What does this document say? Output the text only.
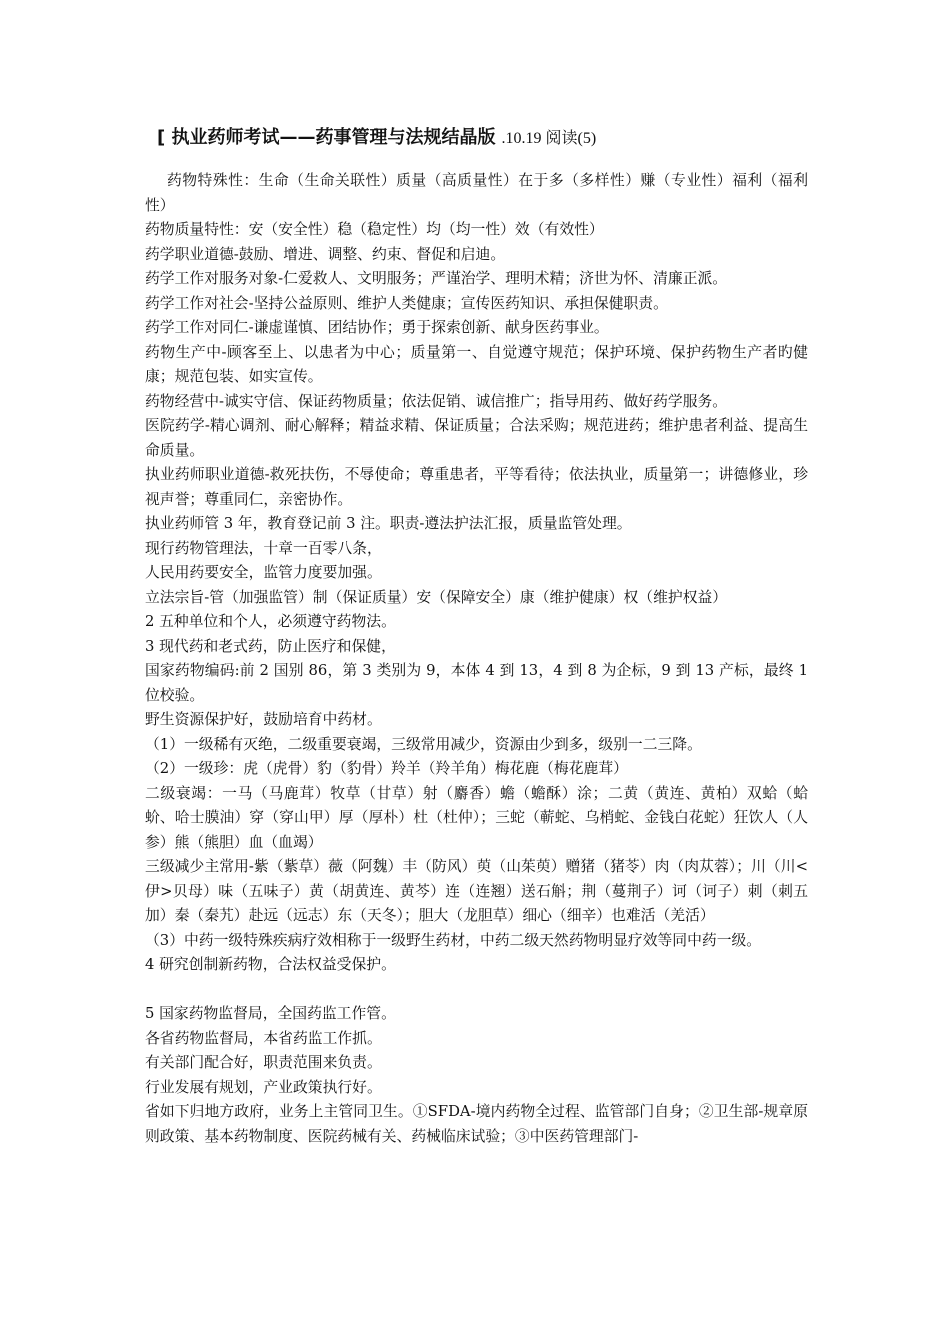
[ 执业药师考试——药事管理与法规结晶版 .10.19 阅读(5)

药物特殊性：生命（生命关联性）质量（高质量性）在于多（多样性）赚（专业性）福利（福利性）

药物质量特性：安（安全性）稳（稳定性）均（均一性）效（有效性）

药学职业道德-鼓励、增进、调整、约束、督促和启迪。

药学工作对服务对象-仁爱救人、文明服务；严谨治学、理明术精；济世为怀、清廉正派。

药学工作对社会-坚持公益原则、维护人类健康；宣传医药知识、承担保健职责。

药学工作对同仁-谦虚谨慎、团结协作；勇于探索创新、献身医药事业。

药物生产中-顾客至上、以患者为中心；质量第一、自觉遵守规范；保护环境、保护药物生产者旳健康；规范包装、如实宣传。

药物经营中-诚实守信、保证药物质量；依法促销、诚信推广；指导用药、做好药学服务。

医院药学-精心调剂、耐心解释；精益求精、保证质量；合法采购；规范进药；维护患者利益、提高生命质量。

执业药师职业道德-救死扶伤，不辱使命；尊重患者，平等看待；依法执业，质量第一；讲德修业，珍视声誉；尊重同仁，亲密协作。

执业药师管 3 年，教育登记前 3 注。职责-遵法护法汇报，质量监管处理。

现行药物管理法，十章一百零八条，

人民用药要安全，监管力度要加强。

立法宗旨-管（加强监管）制（保证质量）安（保障安全）康（维护健康）权（维护权益）

2 五种单位和个人，必须遵守药物法。

3 现代药和老式药，防止医疗和保健，

国家药物编码:前 2 国别 86，第 3 类别为 9，本体 4 到 13，4 到 8 为企标，9 到 13 产标，最终 1 位校验。

野生资源保护好，鼓励培育中药材。

（1）一级稀有灭绝，二级重要衰竭，三级常用减少，资源由少到多，级别一二三降。

（2）一级珍：虎（虎骨）豹（豹骨）羚羊（羚羊角）梅花鹿（梅花鹿茸）

二级衰竭：一马（马鹿茸）牧草（甘草）射（麝香）蟾（蟾酥）涂；二黄（黄连、黄柏）双蛤（蛤蚧、哈士膜油）穿（穿山甲）厚（厚朴）杜（杜仲）；三蛇（蕲蛇、乌梢蛇、金钱白花蛇）狂饮人（人参）熊（熊胆）血（血竭）

三级减少主常用-紫（紫草）薇（阿魏）丰（防风）萸（山茱萸）赠猪（猪苓）肉（肉苁蓉）；川（川<伊>贝母）味（五味子）黄（胡黄连、黄芩）连（连翘）送石斛；荆（蔓荆子）诃（诃子）刺（刺五加）秦（秦艽）赴远（远志）东（天冬）；胆大（龙胆草）细心（细辛）也难活（羌活）

（3）中药一级特殊疾病疗效相称于一级野生药材，中药二级天然药物明显疗效等同中药一级。

4 研究创制新药物，合法权益受保护。

5 国家药物监督局，全国药监工作管。

各省药物监督局，本省药监工作抓。

有关部门配合好，职责范围来负责。

行业发展有规划，产业政策执行好。

省如下归地方政府，业务上主管同卫生。①SFDA-境内药物全过程、监管部门自身；②卫生部-规章原则政策、基本药物制度、医院药械有关、药械临床试验；③中医药管理部门-
